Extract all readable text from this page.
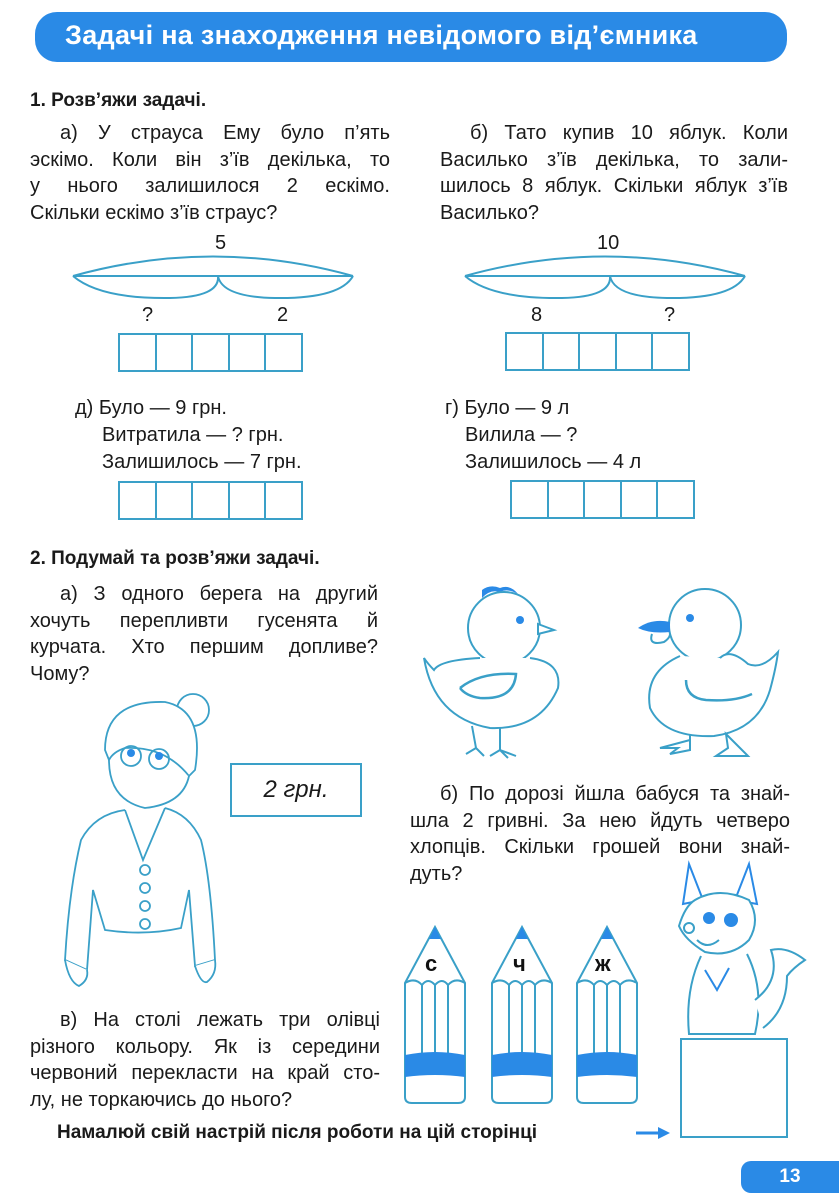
Задачі на знаходження невідомого від’ємника
1. Розв’яжи задачі.
а) У страуса Ему було п’ять
эскімо. Коли він з’їв декілька, то
у нього залишилося 2 ескімо.
Скільки ескімо з’їв страус?
б) Тато купив 10 яблук. Коли
Василько з’їв декілька, то зали-
шилось 8 яблук. Скільки яблук з’їв
Василько?
5
?	2
10
8	?
д) Було — 9 грн.
Витратила — ? грн.
Залишилось — 7 грн.
г) Було — 9 л
Вилила — ?
Залишилось — 4 л
2. Подумай та розв’яжи задачі.
а) З одного берега на другий
хочуть перепливти гусенята й
курчата. Хто першим допливе?
Чому?
2 грн.	б) По дорозі йшла бабуся та знай-
шла 2 гривні. За нею йдуть четверо
хлопців. Скільки грошей вони знай-
дуть?
с	ч	ж
в) На столі лежать три олівці
різного кольору. Як із середини
червоний перекласти на край сто-
лу, не торкаючись до нього?
Намалюй свій настрій після роботи на цій сторінці
13
